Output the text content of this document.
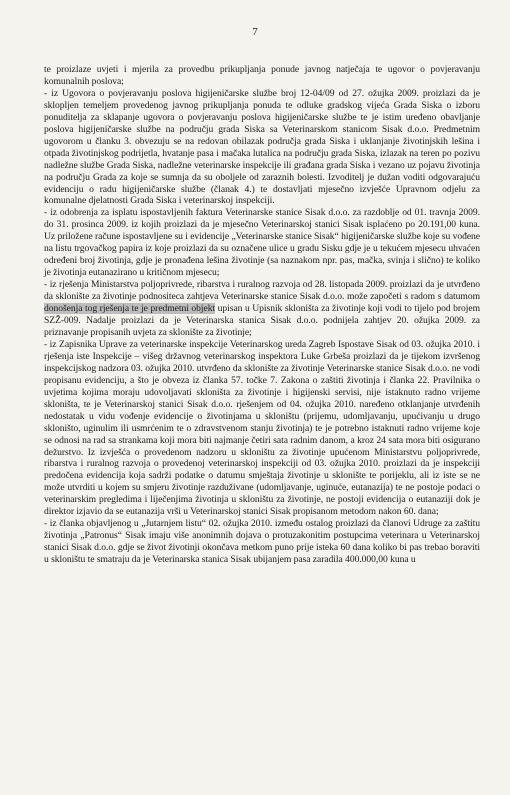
7

te proizlaze uvjeti i mjerila za provedbu prikupljanja ponude javnog natječaja te ugovor o povjeravanju komunalnih poslova;

- iz Ugovora o povjeravanju poslova higijeničarske službe broj 12-04/09 od 27. ožujka 2009. proizlazi da je sklopljen temeljem provedenog javnog prikupljanja ponuda te odluke gradskog vijeća Grada Siska o izboru ponuditelja za sklapanje ugovora o povjeravanju poslova higijeničarske službe te je istim uređeno obavljanje poslova higijeničarske službe na području grada Siska sa Veterinarskom stanicom Sisak d.o.o. Predmetnim ugovorom u članku 3. obvezuju se na redovan obilazak područja grada Siska i uklanjanje životinjskih lešina i otpada životinjskog podrijetla, hvatanje pasa i mačaka lutalica na području grada Siska, izlazak na teren po pozivu nadležne službe Grada Siska, nadležne veterinarske inspekcije ili građana grada Siska i vezano uz pojavu životinja na području Grada za koje se sumnja da su oboljele od zaraznih bolesti. Izvoditelj je dužan voditi odgovarajuću evidenciju o radu higijeničarske službe (članak 4.) te dostavljati mjesečno izvješće Upravnom odjelu za komunalne djelatnosti Grada Siska i veterinarskoj inspekciji.

- iz odobrenja za isplatu ispostavljenih faktura Veterinarske stanice Sisak d.o.o. za razdoblje od 01. travnja 2009. do 31. prosinca 2009. iz kojih proizlazi da je mjesečno Veterinarskoj stanici Sisak isplaćeno po 20.191,00 kuna. Uz priložene račune ispostavljene su i evidencije „Veterinarske stanice Sisak“ higijeničarske službe koje su vođene na listu trgovačkog papira iz koje proizlazi da su označene ulice u gradu Sisku gdje je u tekućem mjesecu uhvaćen određeni broj životinja, gdje je pronađena lešina životinje (sa naznakom npr. pas, mačka, svinja i slično) te koliko je životinja eutanazirano u kritičnom mjesecu;

- iz rješenja Ministarstva poljoprivrede, ribarstva i ruralnog razvoja od 28. listopada 2009. proizlazi da je utvrđeno da sklonište za životinje podnositeca zahtjeva Veterinarske stanice Sisak d.o.o. može započeti s radom s datumom donošenja tog rješenja te je predmetni objekt upisan u Upisnik skloništa za životinje koji vodi to tijelo pod brojem SZŽ-009. Nadalje proizlazi da je Veterinarska stanica Sisak d.o.o. podnijela zahtjev 20. ožujka 2009. za priznavanje propisanih uvjeta za sklonište za životinje;

- iz Zapisnika Uprave za veterinarske inspekcije Veterinarskog ureda Zagreb Ispostave Sisak od 03. ožujka 2010. i rješenja iste Inspekcije – višeg državnog veterinarskog inspektora Luke Grbeša proizlazi da je tijekom izvršenog inspekcijskog nadzora 03. ožujka 2010. utvrđeno da sklonište za životinje Veterinarske stanice Sisak d.o.o. ne vodi propisanu evidenciju, a što je obveza iz članka 57. točke 7. Zakona o zaštiti životinja i članka 22. Pravilnika o uvjetima kojima moraju udovoljavati skloništa za životinje i higijenski servisi, nije istaknuto radno vrijeme skloništa, te je Veterinarskoj stanici Sisak d.o.o. rješenjem od 04. ožujka 2010. naređeno otklanjanje utvrđenih nedostatak u vidu vođenje evidencije o životinjama u skloništu (prijemu, udomljavanju, upućivanju u drugo skloništo, uginulim ili usmrćenim te o zdravstvenom stanju životinja) te je potrebno istaknuti radno vrijeme koje se odnosi na rad sa strankama koji mora biti najmanje četiri sata radnim danom, a kroz 24 sata mora biti osigurano dežurstvo. Iz izvješća o provedenom nadzoru u skloništu za životinje upućenom Ministarstvu poljoprivrede, ribarstva i ruralnog razvoja o provedenoj veterinarskoj inspekciji od 03. ožujka 2010. proizlazi da je inspekciji predočena evidencija koja sadrži podatke o datumu smještaja životinje u sklonište te porijeklu, ali iz iste se ne može utvrditi u kojem su smjeru životinje razduživane (udomljavanje, uginuće, eutanazija) te ne postoje podaci o veterinarskim pregledima i liječenjima životinja u skloništu za životinje, ne postoji evidencija o eutanaziji dok je direktor izjavio da se eutanazija vrši u Veterinarskoj stanici Sisak propisanom metodom nakon 60. dana;

- iz članka objavljenog u „Jutarnjem listu“ 02. ožujka 2010. između ostalog proizlazi da članovi Udruge za zaštitu životinja „Patronus“ Sisak imaju više anonimnih dojava o protuzakonitim postupcima veterinara u Veterinarskoj stanici Sisak d.o.o. gdje se život životinji okončava metkom puno prije isteka 60 dana koliko bi pas trebao boraviti u skloništu te smatraju da je Veterinarska stanica Sisak ubijanjem pasa zaradila 400.000,00 kuna u
